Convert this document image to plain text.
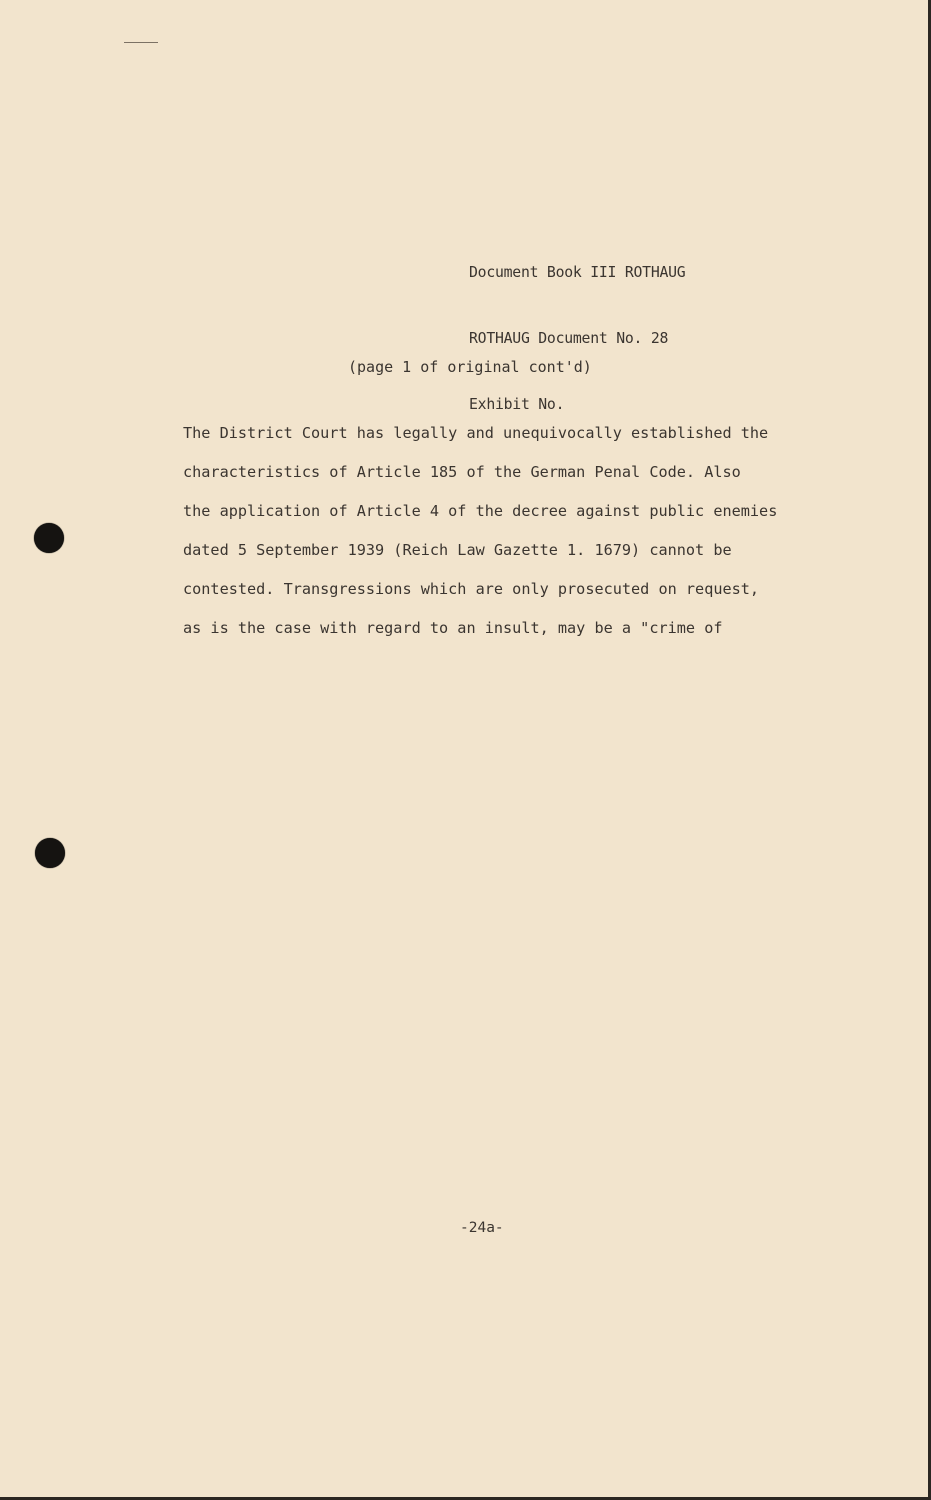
Document Book III ROTHAUG

ROTHAUG Document No. 28

Exhibit No.

(page 1 of original cont'd)
The District Court has legally and unequivocally established the
characteristics of Article 185 of the German Penal Code. Also
the application of Article 4 of the decree against public enemies
dated 5 September 1939 (Reich Law Gazette 1. 1679) cannot be
contested. Transgressions which are only prosecuted on request,
as is the case with regard to an insult, may be a "crime of
-24a-
